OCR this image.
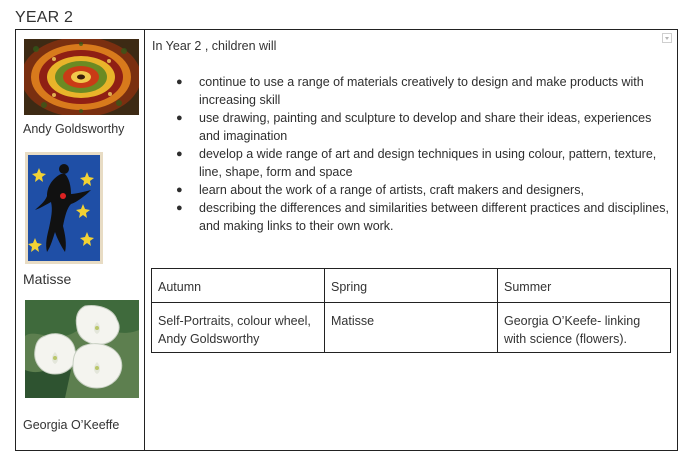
YEAR 2
Andy Goldsworthy
Matisse
Georgia O’Keeffe
In Year 2 , children will
● continue to use a range of materials creatively to design and make products with increasing skill
● use drawing, painting and sculpture to develop and share their ideas, experiences and imagination
● develop a wide range of art and design techniques in using colour, pattern, texture, line, shape, form and space
● learn about the work of a range of artists, craft makers and designers,
● describing the differences and similarities between different practices and disciplines, and making links to their own work.
Autumn	Spring	Summer
Self-Portraits, colour wheel, Andy Goldsworthy	Matisse	Georgia O’Keefe- linking with science (flowers).
